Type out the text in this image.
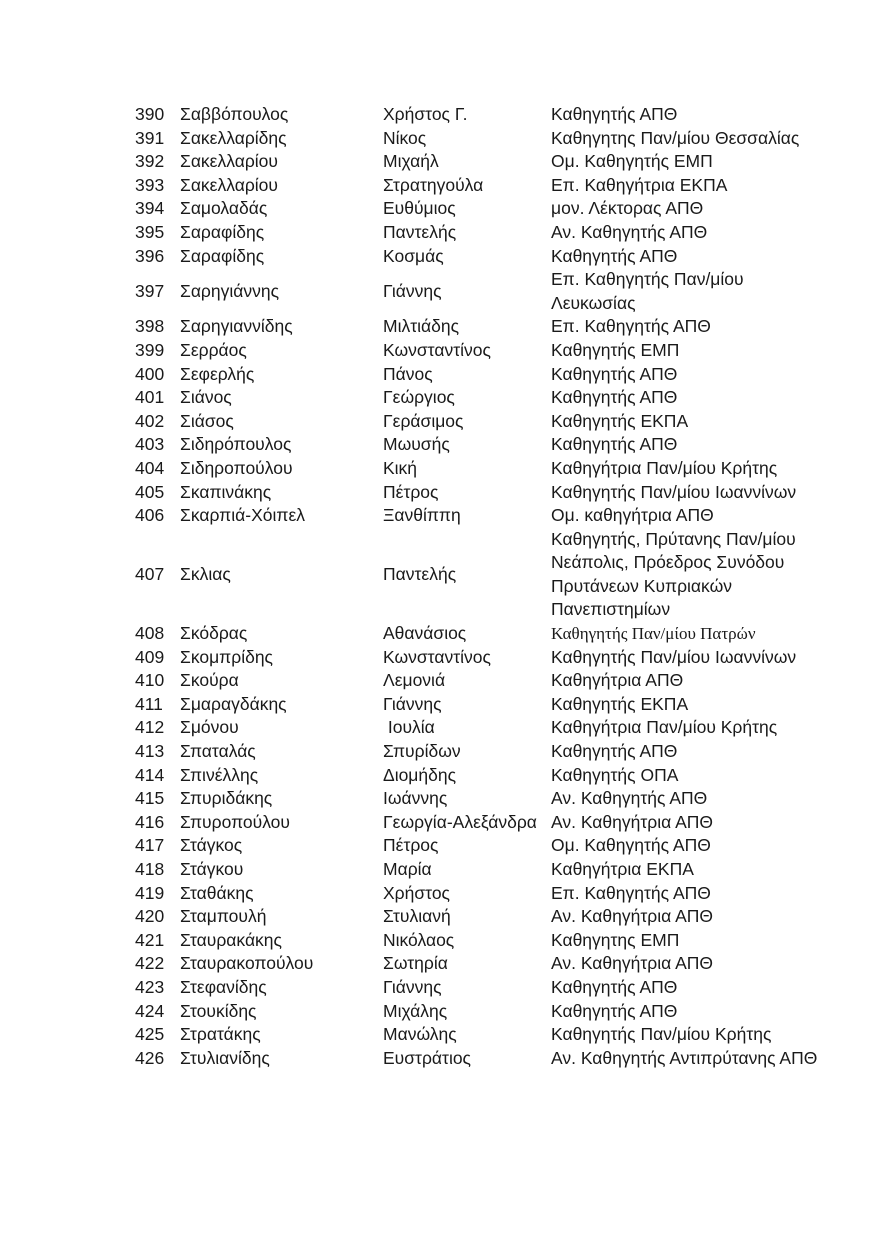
390	Σαββόπουλος	Χρήστος Γ.	Καθηγητής ΑΠΘ
391	Σακελλαρίδης	Νίκος	Καθηγητης Παν/μίου Θεσσαλίας
392	Σακελλαρίου	Μιχαήλ	Ομ. Καθηγητής ΕΜΠ
393	Σακελλαρίου	Στρατηγούλα	Επ. Καθηγήτρια ΕΚΠΑ
394	Σαμολαδάς	Ευθύμιος	μον. Λέκτορας ΑΠΘ
395	Σαραφίδης	Παντελής	Αν. Καθηγητής ΑΠΘ
396	Σαραφίδης	Κοσμάς	Καθηγητής ΑΠΘ
397	Σαρηγιάννης	Γιάννης	Επ. Καθηγητής Παν/μίου Λευκωσίας
398	Σαρηγιαννίδης	Μιλτιάδης	Επ. Καθηγητής ΑΠΘ
399	Σερράος	Κωνσταντίνος	Καθηγητής ΕΜΠ
400	Σεφερλής	Πάνος	Καθηγητής ΑΠΘ
401	Σιάνος	Γεώργιος	Καθηγητής ΑΠΘ
402	Σιάσος	Γεράσιμος	Καθηγητής ΕΚΠΑ
403	Σιδηρόπουλος	Μωυσής	Καθηγητής ΑΠΘ
404	Σιδηροπούλου	Κική	Καθηγήτρια Παν/μίου Κρήτης
405	Σκαπινάκης	Πέτρος	Καθηγητής Παν/μίου Ιωαννίνων
406	Σκαρπιά-Χόιπελ	Ξανθίππη	Ομ. καθηγήτρια ΑΠΘ
407	Σκλιας	Παντελής	Καθηγητής, Πρύτανης Παν/μίου Νεάπολις, Πρόεδρος Συνόδου Πρυτάνεων Κυπριακών Πανεπιστημίων
408	Σκόδρας	Αθανάσιος	Καθηγητής Παν/μίου Πατρών
409	Σκομπρίδης	Κωνσταντίνος	Καθηγητής Παν/μίου Ιωαννίνων
410	Σκούρα	Λεμονιά	Καθηγήτρια ΑΠΘ
411	Σμαραγδάκης	Γιάννης	Καθηγητής ΕΚΠΑ
412	Σμόνου	Ιουλία	Καθηγήτρια Παν/μίου Κρήτης
413	Σπαταλάς	Σπυρίδων	Καθηγητής ΑΠΘ
414	Σπινέλλης	Διομήδης	Καθηγητής ΟΠΑ
415	Σπυριδάκης	Ιωάννης	Αν. Καθηγητής ΑΠΘ
416	Σπυροπούλου	Γεωργία-Αλεξάνδρα	Αν. Καθηγήτρια ΑΠΘ
417	Στάγκος	Πέτρος	Ομ. Καθηγητής ΑΠΘ
418	Στάγκου	Μαρία	Καθηγήτρια ΕΚΠΑ
419	Σταθάκης	Χρήστος	Επ. Καθηγητής ΑΠΘ
420	Σταμπουλή	Στυλιανή	Αν. Καθηγήτρια ΑΠΘ
421	Σταυρακάκης	Νικόλαος	Καθηγητης ΕΜΠ
422	Σταυρακοπούλου	Σωτηρία	Αν. Καθηγήτρια ΑΠΘ
423	Στεφανίδης	Γιάννης	Καθηγητής ΑΠΘ
424	Στουκίδης	Μιχάλης	Καθηγητής ΑΠΘ
425	Στρατάκης	Μανώλης	Καθηγητής Παν/μίου Κρήτης
426	Στυλιανίδης	Ευστράτιος	Αν. Καθηγητής Αντιπρύτανης ΑΠΘ
